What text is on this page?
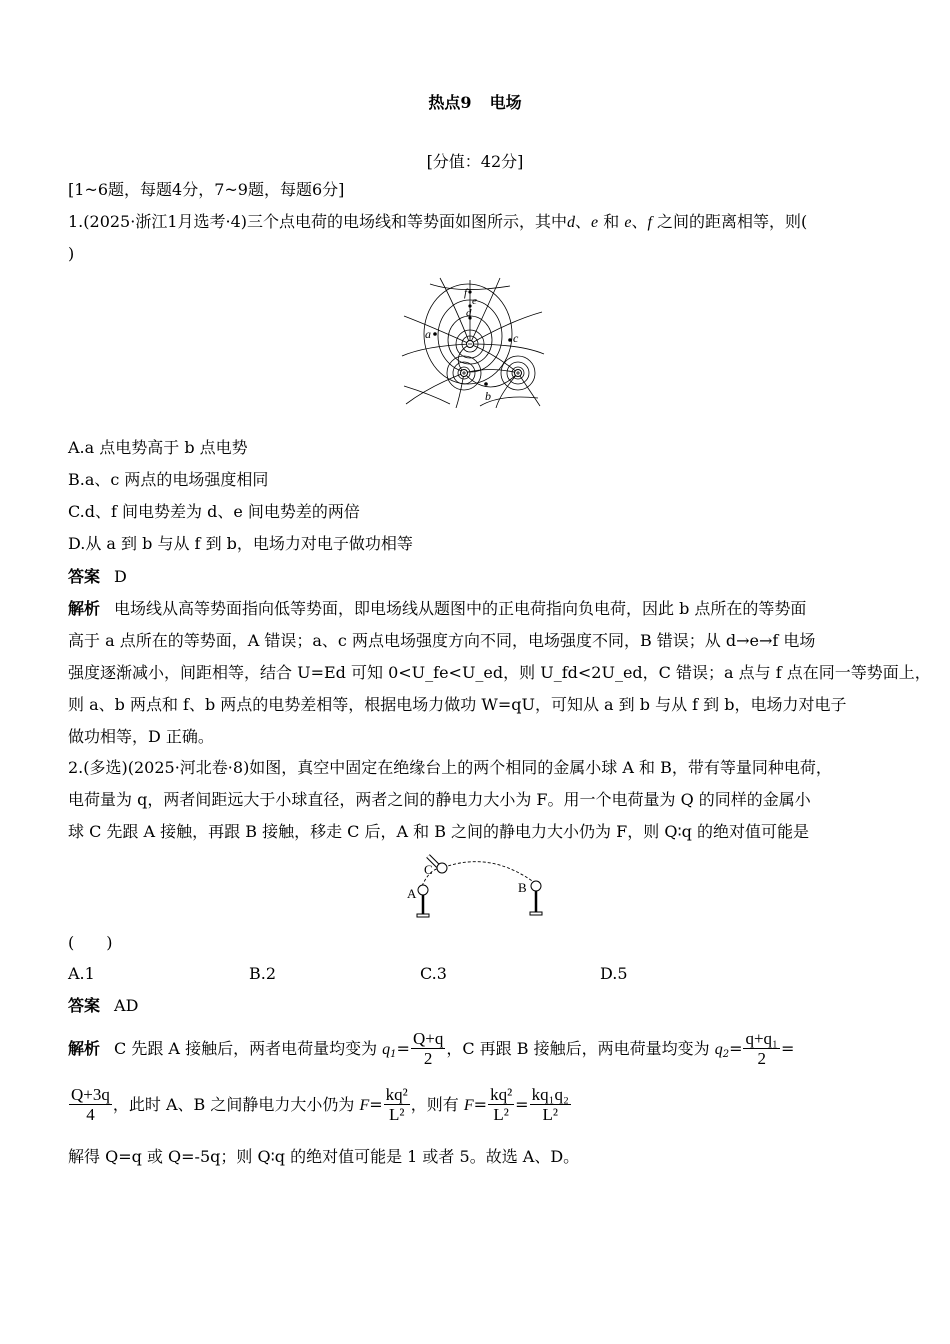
热点9 电场
[分值：42分]
[1~6题，每题4分，7~9题，每题6分]
1.(2025·浙江1月选考·4)三个点电荷的电场线和等势面如图所示，其中d、e 和 e、f 之间的距离相等，则(
)
a	c
b
d
e
f
A.a 点电势高于 b 点电势
B.a、c 两点的电场强度相同
C.d、f 间电势差为 d、e 间电势差的两倍
D.从 a 到 b 与从 f 到 b，电场力对电子做功相等
答案 D
解析 电场线从高等势面指向低等势面，即电场线从题图中的正电荷指向负电荷，因此 b 点所在的等势面
高于 a 点所在的等势面，A 错误；a、c 两点电场强度方向不同，电场强度不同，B 错误；从 d→e→f 电场
强度逐渐减小，间距相等，结合 U=Ed 可知 0<U_fe<U_ed，则 U_fd<2U_ed，C 错误；a 点与 f 点在同一等势面上，
则 a、b 两点和 f、b 两点的电势差相等，根据电场力做功 W=qU，可知从 a 到 b 与从 f 到 b，电场力对电子
做功相等，D 正确。
2.(多选)(2025·河北卷·8)如图，真空中固定在绝缘台上的两个相同的金属小球 A 和 B，带有等量同种电荷，
电荷量为 q，两者间距远大于小球直径，两者之间的静电力大小为 F。用一个电荷量为 Q 的同样的金属小
球 C 先跟 A 接触，再跟 B 接触，移走 C 后，A 和 B 之间的静电力大小仍为 F，则 Q∶q 的绝对值可能是
C
A	B
(　　)
A.1	B.2	C.3	D.5
答案 AD
解析 C 先跟 A 接触后，两者电荷量均变为 $q_1= \frac{Q+q}{2}$ ，C 再跟 B 接触后，两电荷量均变为 $q_2= \frac{\text{q+q₁}}{2}$ =
$\frac{Q+3q}{4}$ ，此时 A、B 之间静电力大小仍为 $F= \frac{\text{kq²}}{\text{L²}}$ ，则有 $F= \frac{\text{kq²}}{\text{L²}} = \frac{\text{kq₁q₂}}{\text{L²}}$
解得 Q=q 或 Q=-5q；则 Q∶q 的绝对值可能是 1 或者 5。故选 A、D。
